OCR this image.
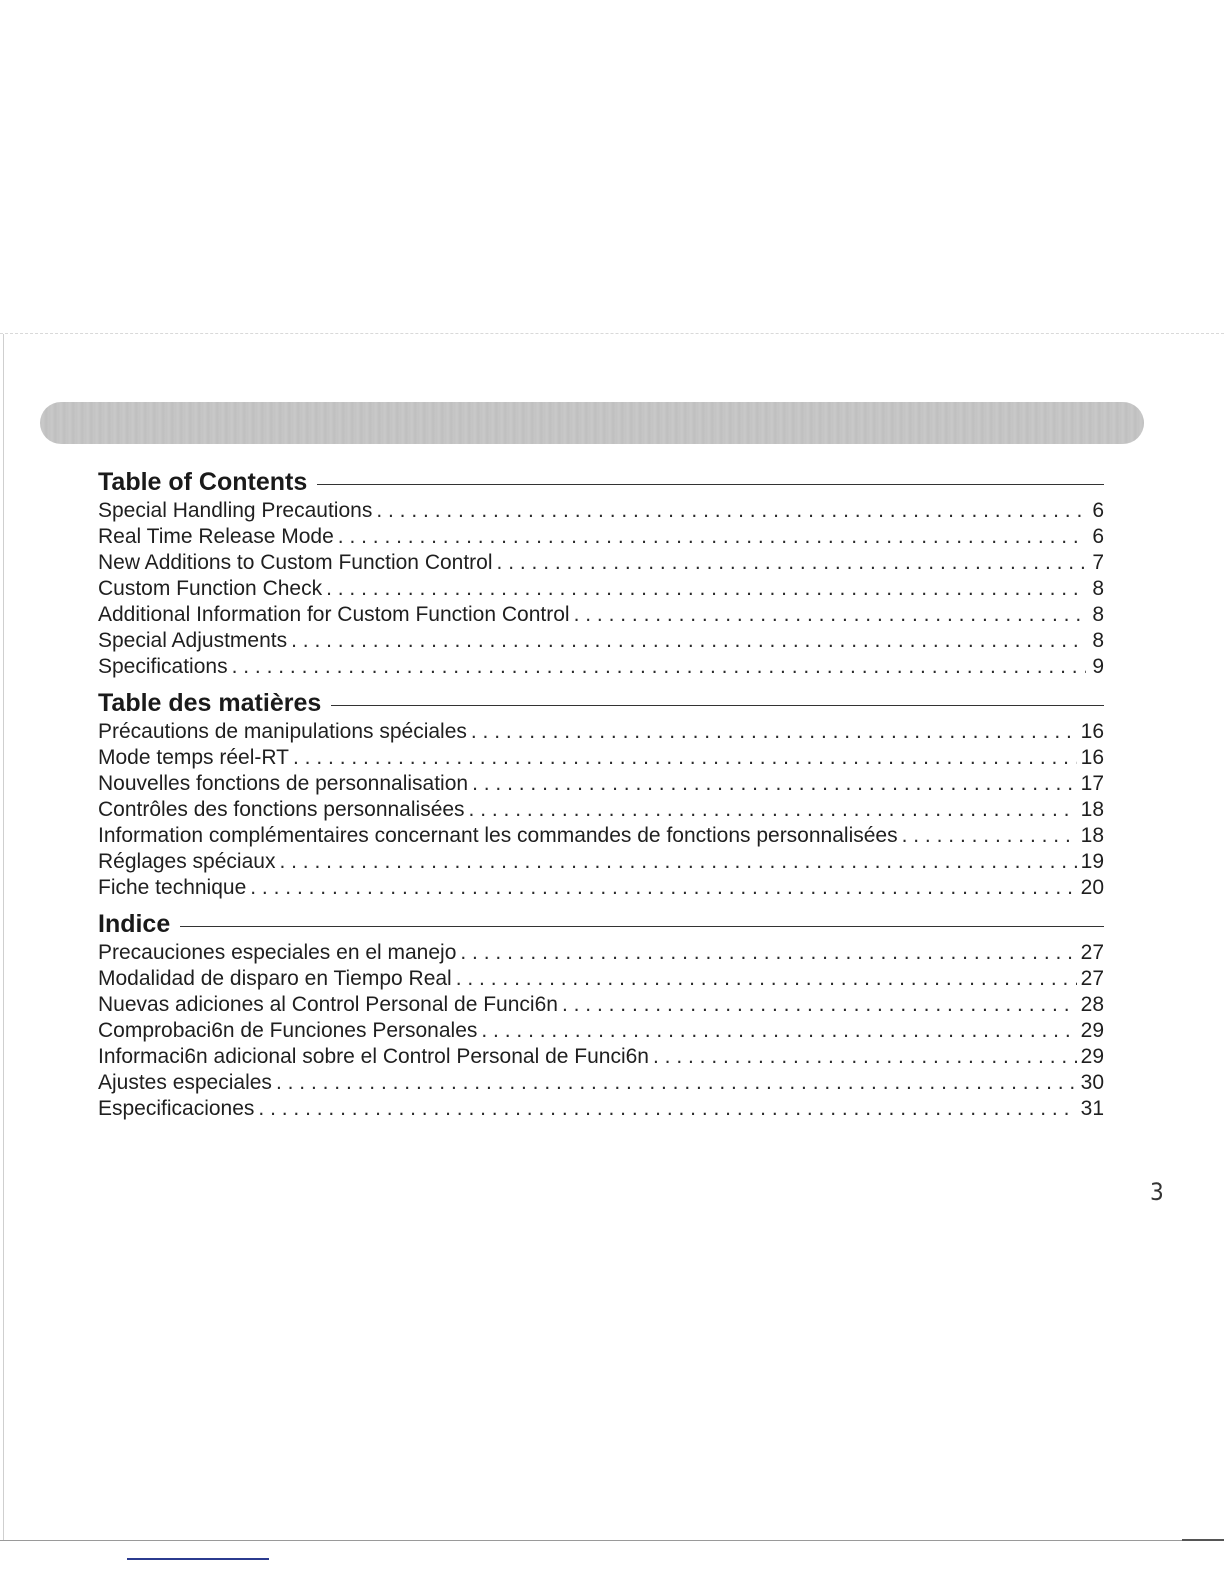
Table of Contents
Special Handling Precautions . . .	6
Real Time Release Mode . . .	6
New Additions to Custom Function Control . . .	7
Custom Function Check . . .	8
Additional Information for Custom Function Control . . .	8
Special Adjustments . . .	8
Specifications . . .	9
Table des matières
Précautions de manipulations spéciales . . .	16
Mode temps réel-RT . . .	16
Nouvelles fonctions de personnalisation . . .	17
Contrôles des fonctions personnalisées . . .	18
Information complémentaires concernant les commandes de fonctions personnalisées . . .	18
Réglages spéciaux . . .	19
Fiche technique . . .	20
Indice
Precauciones especiales en el manejo . . .	27
Modalidad de disparo en Tiempo Real . . .	27
Nuevas adiciones al Control Personal de Funci6n . . .	28
Comprobaci6n de Funciones Personales . . .	29
Informaci6n adicional sobre el Control Personal de Funci6n . . .	29
Ajustes especiales . . .	30
Especificaciones . . .	31
3
